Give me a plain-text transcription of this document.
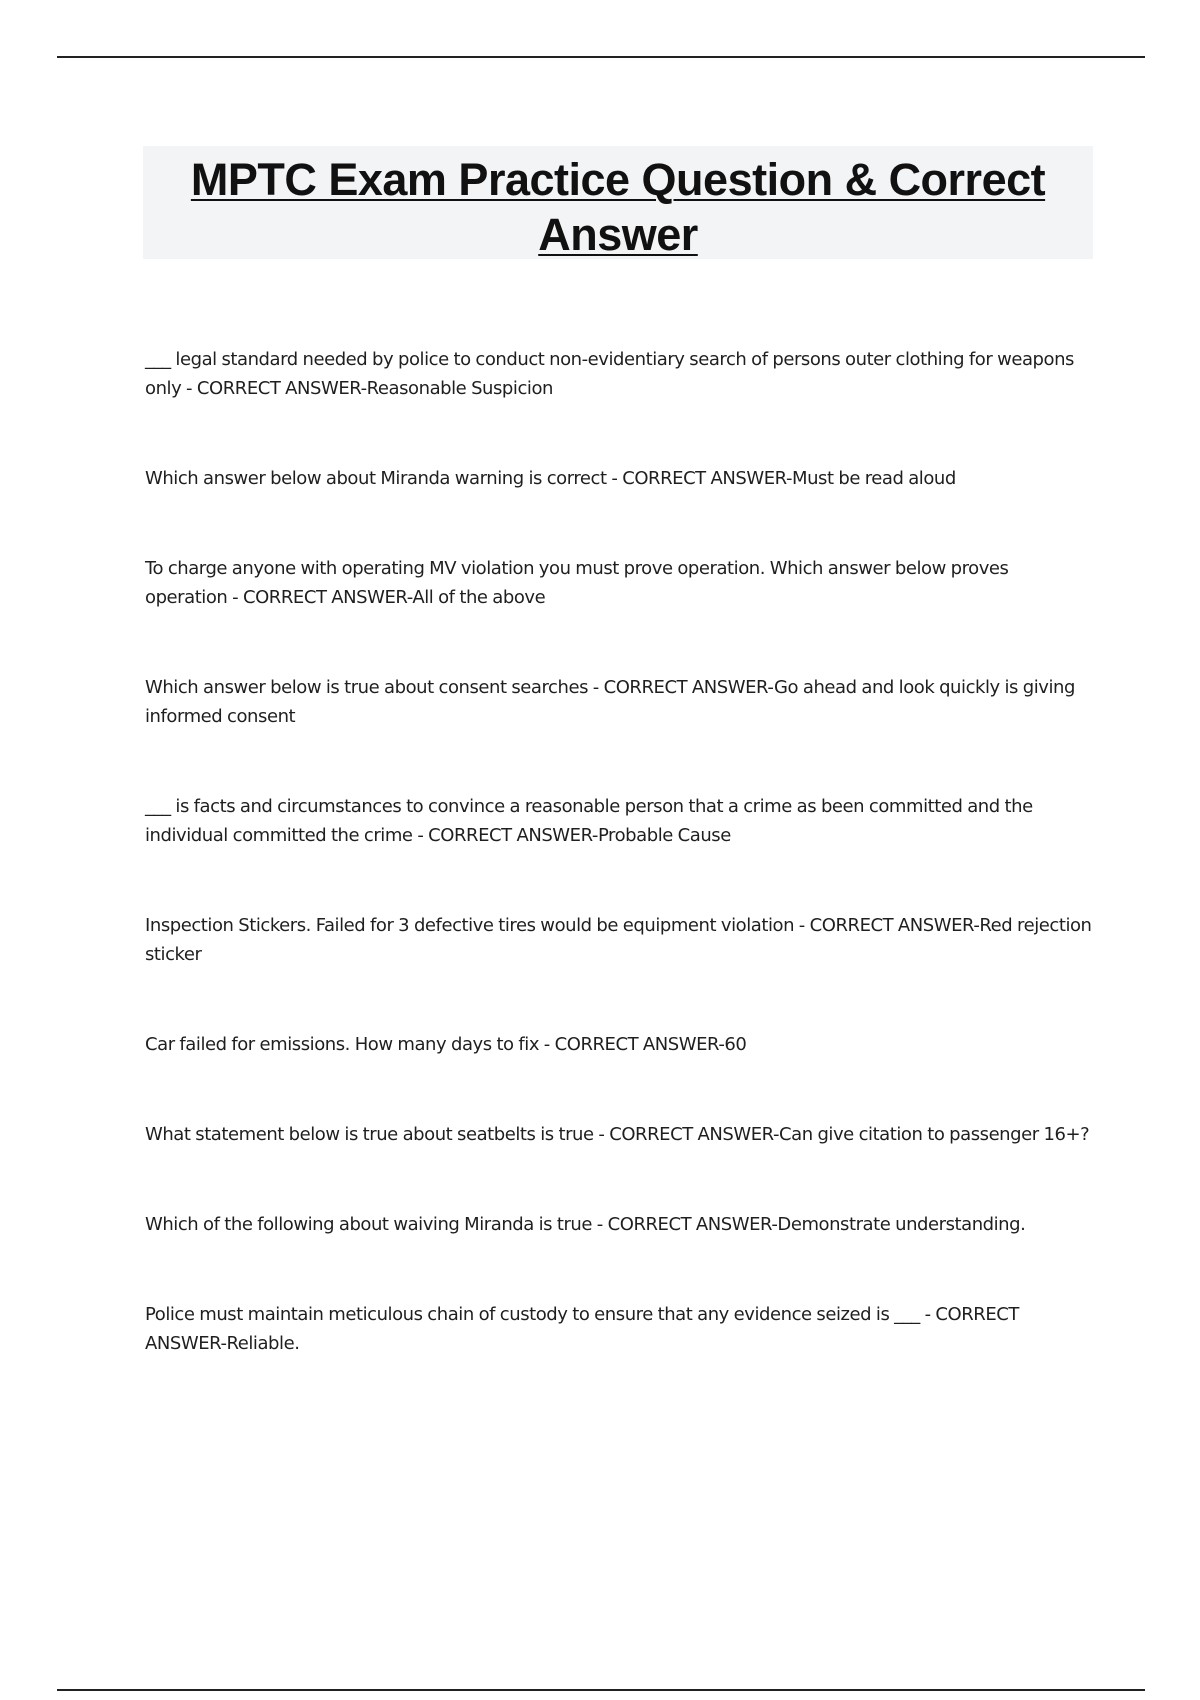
MPTC Exam Practice Question & Correct Answer
___ legal standard needed by police to conduct non-evidentiary search of persons outer clothing for weapons only - CORRECT ANSWER-Reasonable Suspicion
Which answer below about Miranda warning is correct - CORRECT ANSWER-Must be read aloud
To charge anyone with operating MV violation you must prove operation. Which answer below proves operation - CORRECT ANSWER-All of the above
Which answer below is true about consent searches - CORRECT ANSWER-Go ahead and look quickly is giving informed consent
___ is facts and circumstances to convince a reasonable person that a crime as been committed and the individual committed the crime - CORRECT ANSWER-Probable Cause
Inspection Stickers. Failed for 3 defective tires would be equipment violation - CORRECT ANSWER-Red rejection sticker
Car failed for emissions. How many days to fix - CORRECT ANSWER-60
What statement below is true about seatbelts is true - CORRECT ANSWER-Can give citation to passenger 16+?
Which of the following about waiving Miranda is true - CORRECT ANSWER-Demonstrate understanding.
Police must maintain meticulous chain of custody to ensure that any evidence seized is ___ - CORRECT ANSWER-Reliable.
